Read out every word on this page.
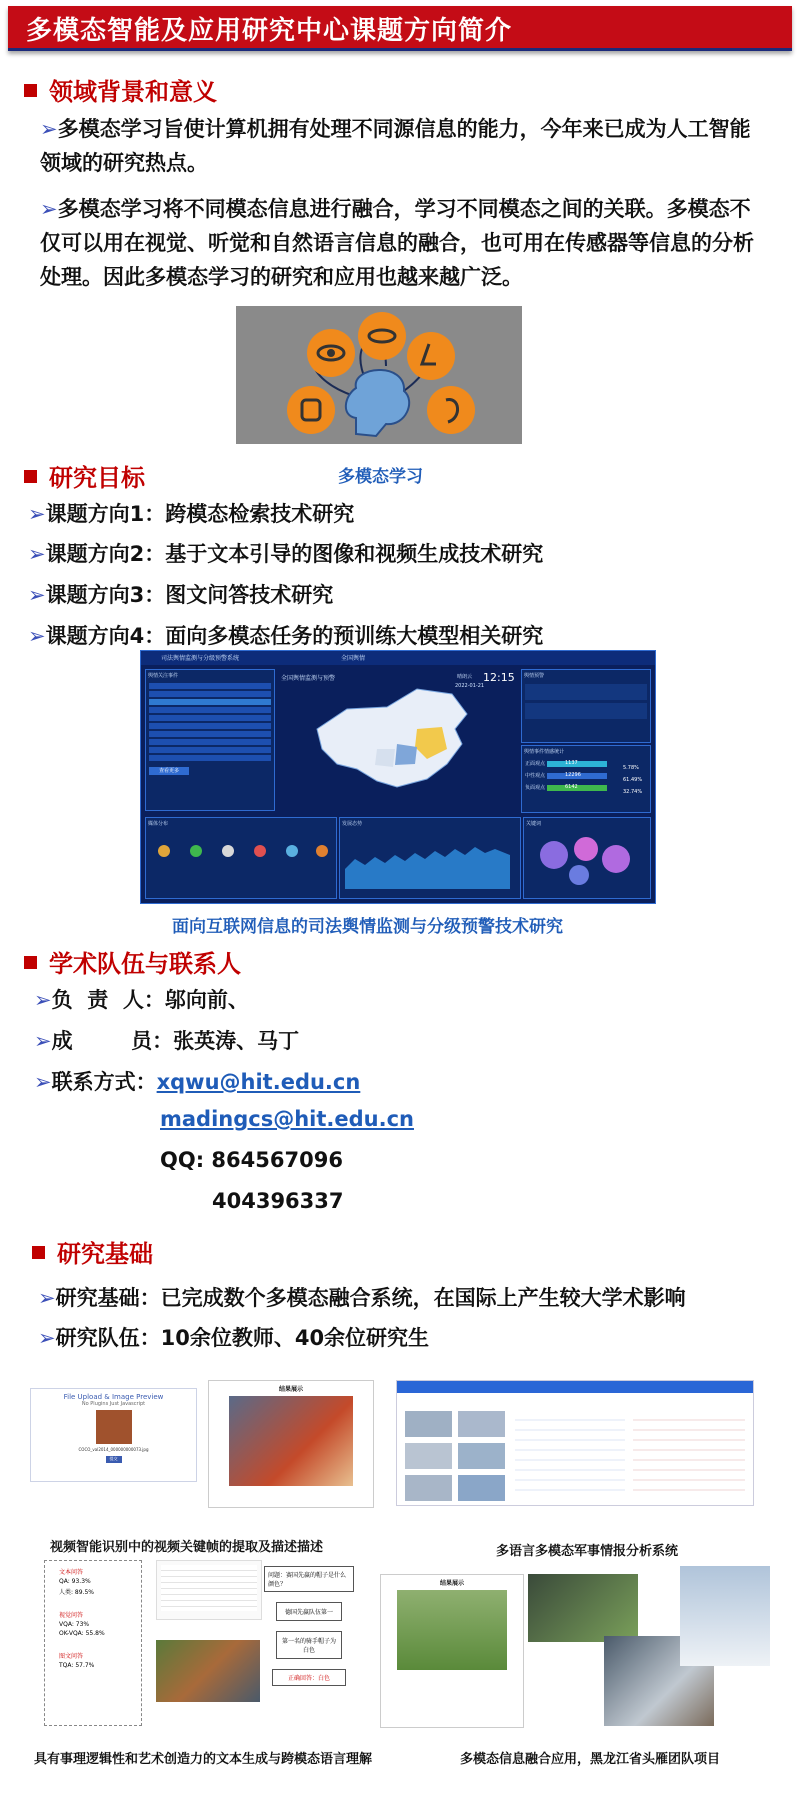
多模态智能及应用研究中心课题方向简介
领域背景和意义
➢多模态学习旨使计算机拥有处理不同源信息的能力，今年来已成为人工智能领域的研究热点。
➢多模态学习将不同模态信息进行融合，学习不同模态之间的关联。多模态不仅可以用在视觉、听觉和自然语言信息的融合，也可用在传感器等信息的分析处理。因此多模态学习的研究和应用也越来越广泛。
研究目标	多模态学习
➢课题方向1：跨模态检索技术研究
➢课题方向2：基于文本引导的图像和视频生成技术研究
➢课题方向3：图文问答技术研究
➢课题方向4：面向多模态任务的预训练大模型相关研究
司法舆情监测与分级预警系统	全国舆情
舆情关注事件
查看更多
全国舆情监测与预警	晴朗云
2022-01-21
12:15	舆情预警
舆情事件情感统计
正面观点	1137
5.78%
中性观点	12296
61.49%
负面观点	6142
32.74%
媒体分布	发展态势	关键词
面向互联网信息的司法舆情监测与分级预警技术研究
学术队伍与联系人
➢负  责  人：邬向前、
➢成        员：张英涛、马丁
➢联系方式：xqwu@hit.edu.cn
madingcs@hit.edu.cn
QQ: 864567096
404396337
研究基础
➢研究基础：已完成数个多模态融合系统，在国际上产生较大学术影响
➢研究队伍：10余位教师、40余位研究生
File Upload & Image Preview
No Plugins Just Javascript
COCO_val2014_000000000073.jpg
提交
结果展示
视频智能识别中的视频关键帧的提取及描述描述	多语言多模态军事情报分析系统
文本问答
QA: 93.3%
人类: 89.5%
视觉问答
VQA: 73%
OK-VQA: 55.8%
图文问答
TQA: 57.7%
问题：赛国先赢的帽子是什么颜色？
德国先赢队伍第一
第一名的骑手帽子为白色
正确回答：白色
结果展示
具有事理逻辑性和艺术创造力的文本生成与跨模态语言理解	多模态信息融合应用，黑龙江省头雁团队项目
